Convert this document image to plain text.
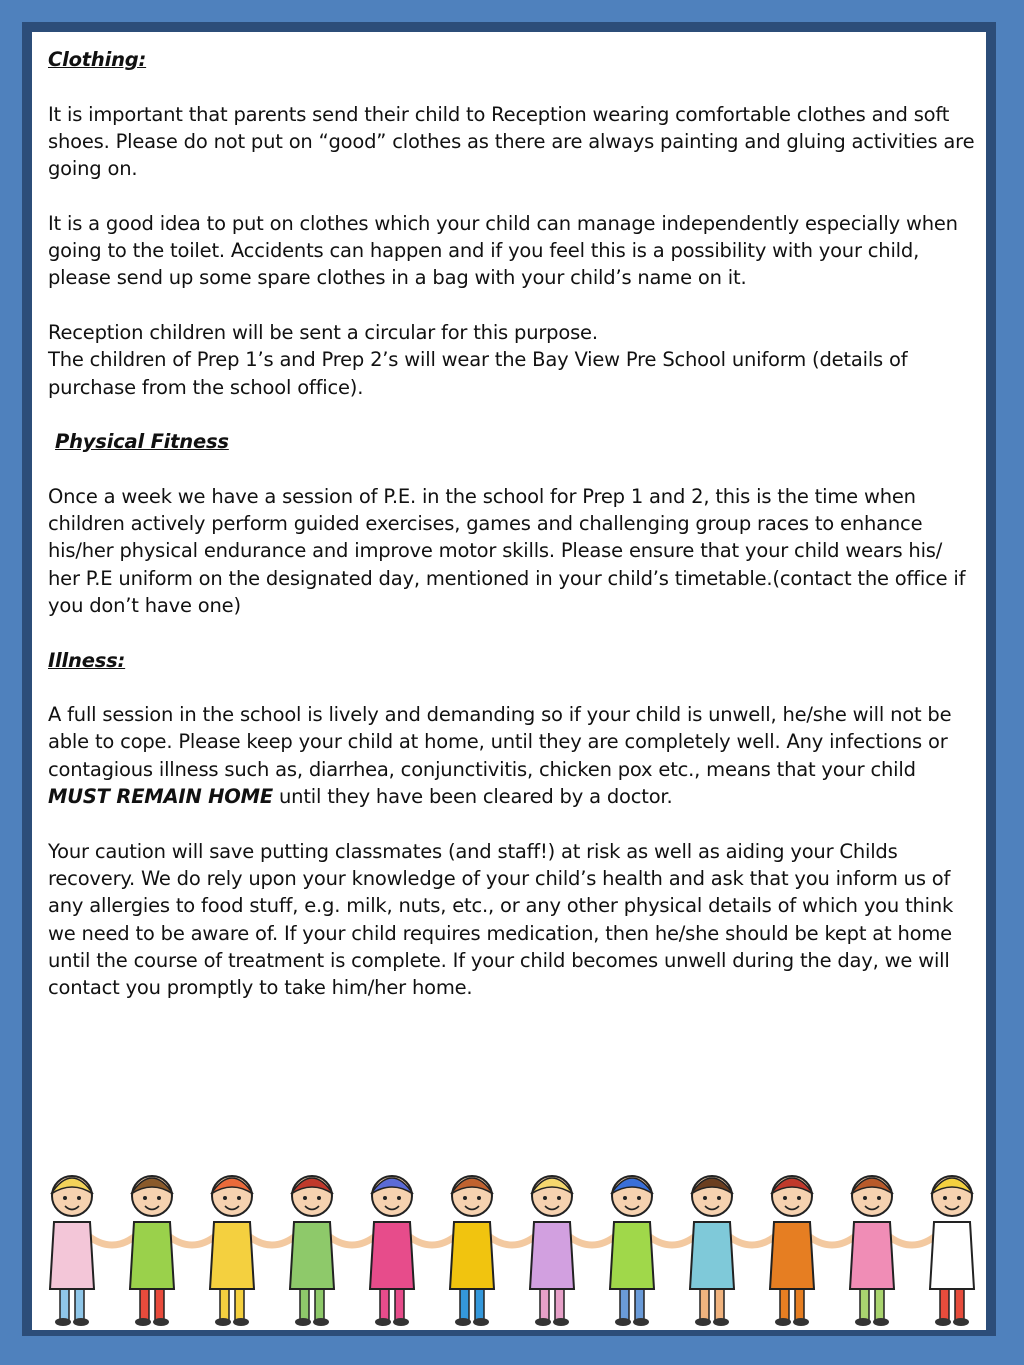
Clothing:

It is important that parents send their child to Reception wearing comfortable clothes and soft shoes. Please do not put on “good” clothes as there are always painting and gluing activities are going on.

It is a good idea to put on clothes which your child can manage independently especially when going to the toilet. Accidents can happen and if you feel this is a possibility with your child, please send up some spare clothes in a bag with your child’s name on it.

Reception children will be sent a circular for this purpose.

The children of Prep 1’s and Prep 2’s will wear the Bay View Pre School uniform (details of purchase from the school office).

Physical Fitness

Once a week we have a session of P.E. in the school for Prep 1 and 2, this is the time when children actively perform guided exercises, games and challenging group races to enhance his/her physical endurance and improve motor skills. Please ensure that your child wears his/ her P.E uniform on the designated day, mentioned in your child’s timetable.(contact the office if you don’t have one)

Illness:

A full session in the school is lively and demanding so if your child is unwell, he/she will not be able to cope. Please keep your child at home, until they are completely well. Any infections or contagious illness such as, diarrhea, conjunctivitis, chicken pox etc., means that your child MUST REMAIN HOME until they have been cleared by a doctor.

Your caution will save putting classmates (and staff!) at risk as well as aiding your Childs recovery. We do rely upon your knowledge of your child’s health and ask that you inform us of any allergies to food stuff, e.g. milk, nuts, etc., or any other physical details of which you think we need to be aware of. If your child requires medication, then he/she should be kept at home until the course of treatment is complete. If your child becomes unwell during the day, we will contact you promptly to take him/her home.
